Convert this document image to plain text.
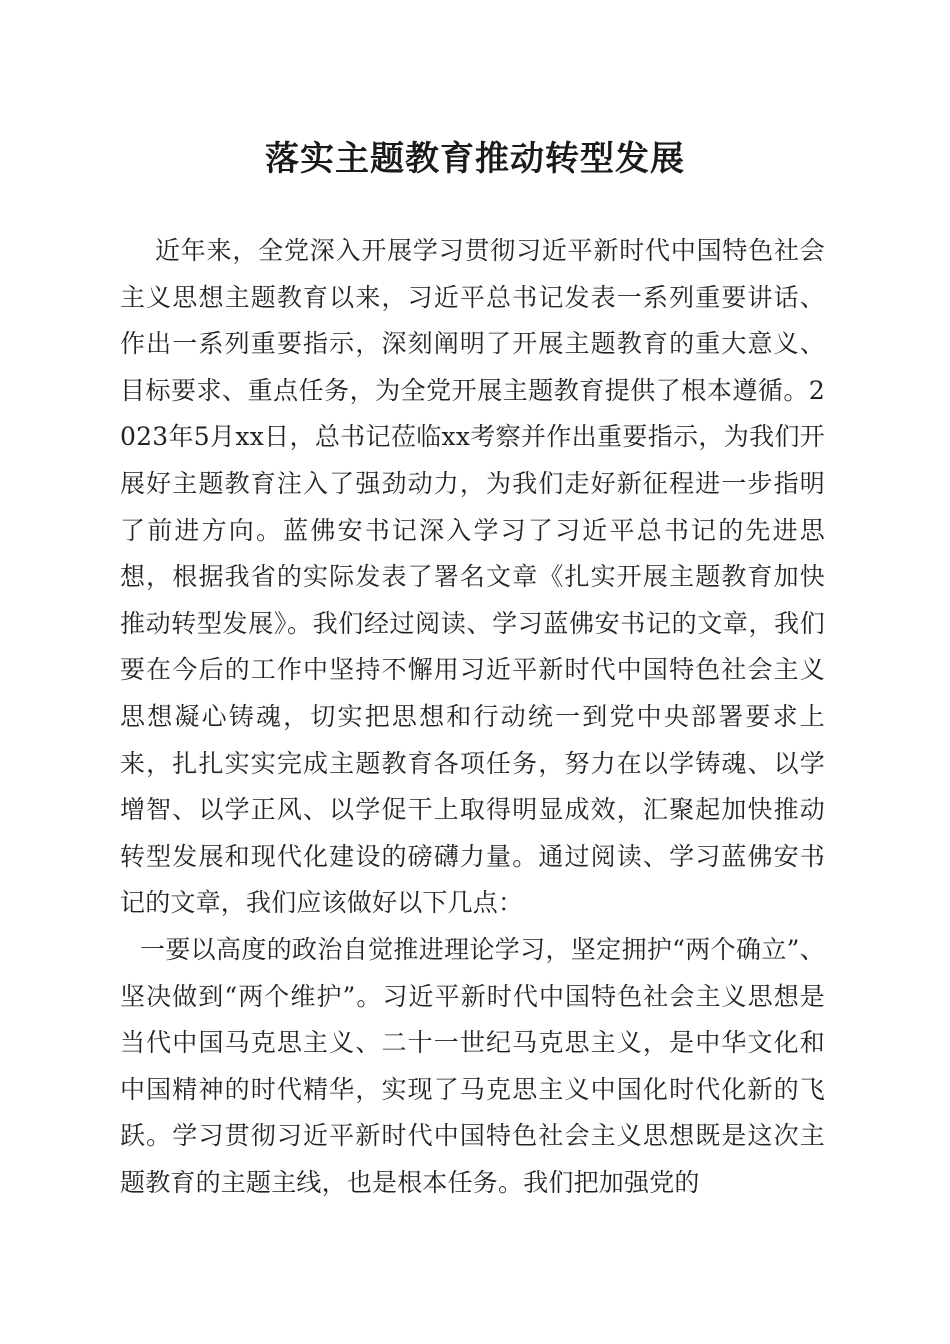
落实主题教育推动转型发展

近年来，全党深入开展学习贯彻习近平新时代中国特色社会主义思想主题教育以来，习近平总书记发表一系列重要讲话、作出一系列重要指示，深刻阐明了开展主题教育的重大意义、目标要求、重点任务，为全党开展主题教育提供了根本遵循。2023年5月xx日，总书记莅临xx考察并作出重要指示，为我们开展好主题教育注入了强劲动力，为我们走好新征程进一步指明了前进方向。蓝佛安书记深入学习了习近平总书记的先进思想，根据我省的实际发表了署名文章《扎实开展主题教育加快推动转型发展》。我们经过阅读、学习蓝佛安书记的文章，我们要在今后的工作中坚持不懈用习近平新时代中国特色社会主义思想凝心铸魂，切实把思想和行动统一到党中央部署要求上来，扎扎实实完成主题教育各项任务，努力在以学铸魂、以学增智、以学正风、以学促干上取得明显成效，汇聚起加快推动转型发展和现代化建设的磅礴力量。通过阅读、学习蓝佛安书记的文章，我们应该做好以下几点：

一要以高度的政治自觉推进理论学习，坚定拥护“两个确立”、坚决做到“两个维护”。习近平新时代中国特色社会主义思想是当代中国马克思主义、二十一世纪马克思主义，是中华文化和中国精神的时代精华，实现了马克思主义中国化时代化新的飞跃。学习贯彻习近平新时代中国特色社会主义思想既是这次主题教育的主题主线，也是根本任务。我们把加强党的
